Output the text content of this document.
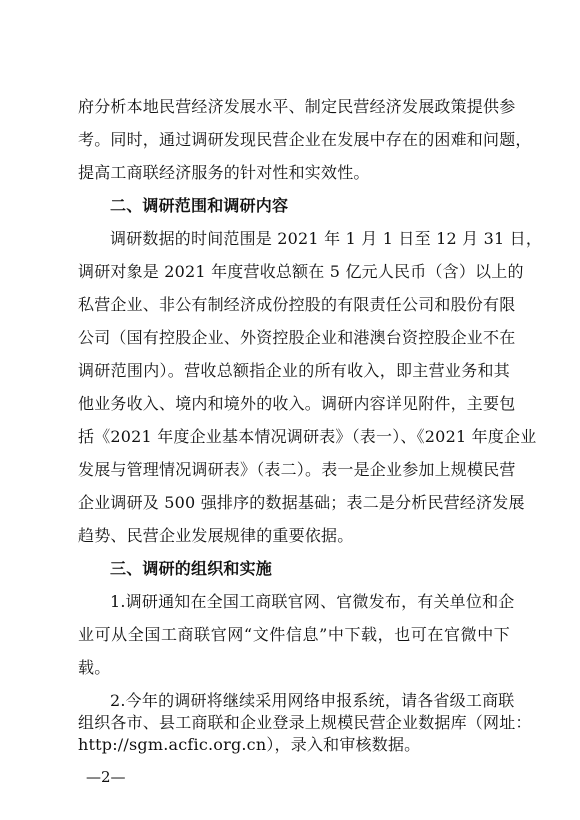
府分析本地民营经济发展水平、制定民营经济发展政策提供参
考。同时，通过调研发现民营企业在发展中存在的困难和问题，
提高工商联经济服务的针对性和实效性。
二、调研范围和调研内容
调研数据的时间范围是 2021 年 1 月 1 日至 12 月 31 日，
调研对象是 2021 年度营收总额在 5 亿元人民币（含）以上的
私营企业、非公有制经济成份控股的有限责任公司和股份有限
公司（国有控股企业、外资控股企业和港澳台资控股企业不在
调研范围内）。营收总额指企业的所有收入，即主营业务和其
他业务收入、境内和境外的收入。调研内容详见附件，主要包
括《2021 年度企业基本情况调研表》（表一）、《2021 年度企业
发展与管理情况调研表》（表二）。表一是企业参加上规模民营
企业调研及 500 强排序的数据基础；表二是分析民营经济发展
趋势、民营企业发展规律的重要依据。
三、调研的组织和实施
1.调研通知在全国工商联官网、官微发布，有关单位和企
业可从全国工商联官网“文件信息”中下载，也可在官微中下
载。
2.今年的调研将继续采用网络申报系统，请各省级工商联
—2—
组织各市、县工商联和企业登录上规模民营企业数据库（网址：
http://sgm.acfic.org.cn），录入和审核数据。
